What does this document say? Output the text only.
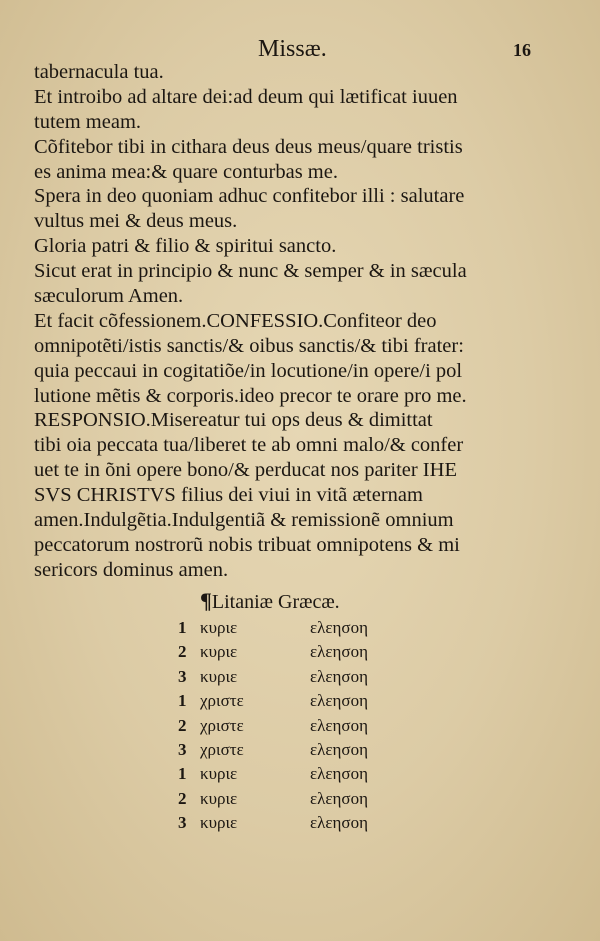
Missæ.	16
tabernacula tua.
Et introibo ad altare dei:ad deum qui lætificat iuuen
tutem meam.
Cõfitebor tibi in cithara deus deus meus/quare tristis
es anima mea:& quare conturbas me.
Spera in deo quoniam adhuc confitebor illi : salutare
vultus mei & deus meus.
Gloria patri & filio & spiritui sancto.
Sicut erat in principio & nunc & semper & in sæcula
sæculorum Amen.
Et facit cõfessionem.CONFESSIO.Confiteor deo
omnipotẽti/istis sanctis/& oibus sanctis/& tibi frater:
quia peccaui in cogitatiõe/in locutione/in opere/i pol
lutione mẽtis & corporis.ideo precor te orare pro me.
RESPONSIO.Misereatur tui ops deus & dimittat
tibi oia peccata tua/liberet te ab omni malo/& confer
uet te in õni opere bono/& perducat nos pariter IHE
SVS CHRISTVS filius dei viui in vitã æternam
amen.Indulgẽtia.Indulgentiã & remissionẽ omnium
peccatorum nostrorũ nobis tribuat omnipotens & mi
sericors dominus amen.
¶Litaniæ Græcæ.
1 κυριε	ελεησοη
2 κυριε	ελεησοη
3 κυριε	ελεησοη
1 χριστε	ελεησοη
2 χριστε	ελεησοη
3 χριστε	ελεησοη
1 κυριε	ελεησοη
2 κυριε	ελεησοη
3 κυριε	ελεησοη
